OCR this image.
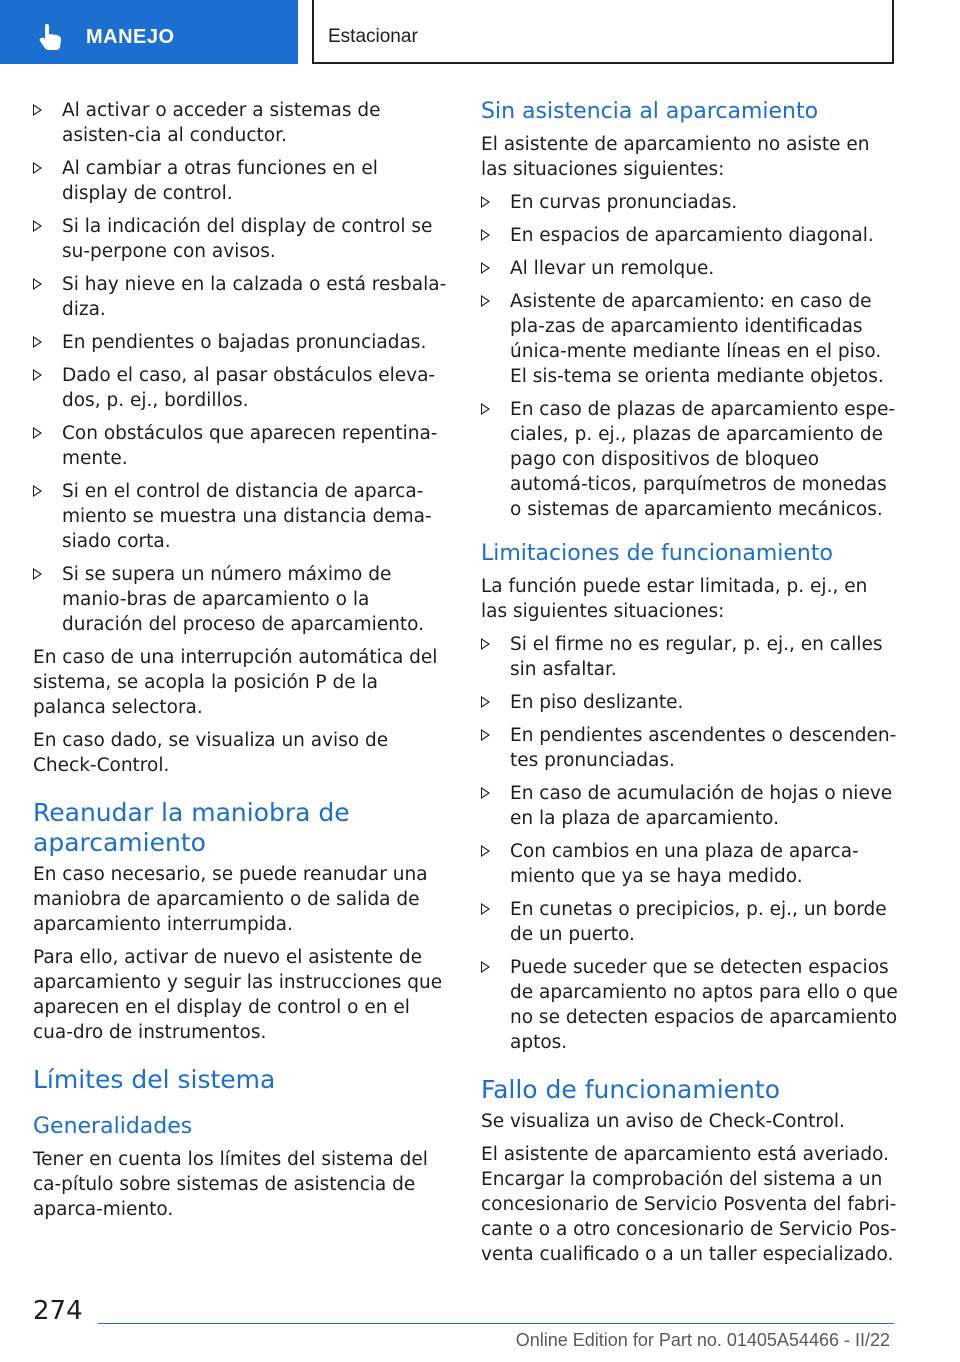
MANEJO	Estacionar
Al activar o acceder a sistemas de asisten-cia al conductor.
Al cambiar a otras funciones en el display de control.
Si la indicación del display de control se su-perpone con avisos.
Si hay nieve en la calzada o está resbala-diza.
En pendientes o bajadas pronunciadas.
Dado el caso, al pasar obstáculos eleva-dos, p. ej., bordillos.
Con obstáculos que aparecen repentina-mente.
Si en el control de distancia de aparca-miento se muestra una distancia dema-siado corta.
Si se supera un número máximo de manio-bras de aparcamiento o la duración del proceso de aparcamiento.

En caso de una interrupción automática del sistema, se acopla la posición P de la palanca selectora.

En caso dado, se visualiza un aviso de Check-Control.

Reanudar la maniobra de aparcamiento

En caso necesario, se puede reanudar una maniobra de aparcamiento o de salida de aparcamiento interrumpida.

Para ello, activar de nuevo el asistente de aparcamiento y seguir las instrucciones que aparecen en el display de control o en el cua-dro de instrumentos.

Límites del sistema
Generalidades

Tener en cuenta los límites del sistema del ca-pítulo sobre sistemas de asistencia de aparca-miento.

Sin asistencia al aparcamiento

El asistente de aparcamiento no asiste en las situaciones siguientes:

En curvas pronunciadas.
En espacios de aparcamiento diagonal.
Al llevar un remolque.
Asistente de aparcamiento: en caso de pla-zas de aparcamiento identificadas única-mente mediante líneas en el piso. El sis-tema se orienta mediante objetos.
En caso de plazas de aparcamiento espe-ciales, p. ej., plazas de aparcamiento de pago con dispositivos de bloqueo automá-ticos, parquímetros de monedas o sistemas de aparcamiento mecánicos.
Limitaciones de funcionamiento

La función puede estar limitada, p. ej., en las siguientes situaciones:

Si el firme no es regular, p. ej., en calles sin asfaltar.
En piso deslizante.
En pendientes ascendentes o descenden-tes pronunciadas.
En caso de acumulación de hojas o nieve en la plaza de aparcamiento.
Con cambios en una plaza de aparca-miento que ya se haya medido.
En cunetas o precipicios, p. ej., un borde de un puerto.
Puede suceder que se detecten espacios de aparcamiento no aptos para ello o que no se detecten espacios de aparcamiento aptos.
Fallo de funcionamiento

Se visualiza un aviso de Check-Control.

El asistente de aparcamiento está averiado. Encargar la comprobación del sistema a un concesionario de Servicio Posventa del fabri-cante o a otro concesionario de Servicio Pos-venta cualificado o a un taller especializado.

274
Online Edition for Part no. 01405A54466 - II/22
